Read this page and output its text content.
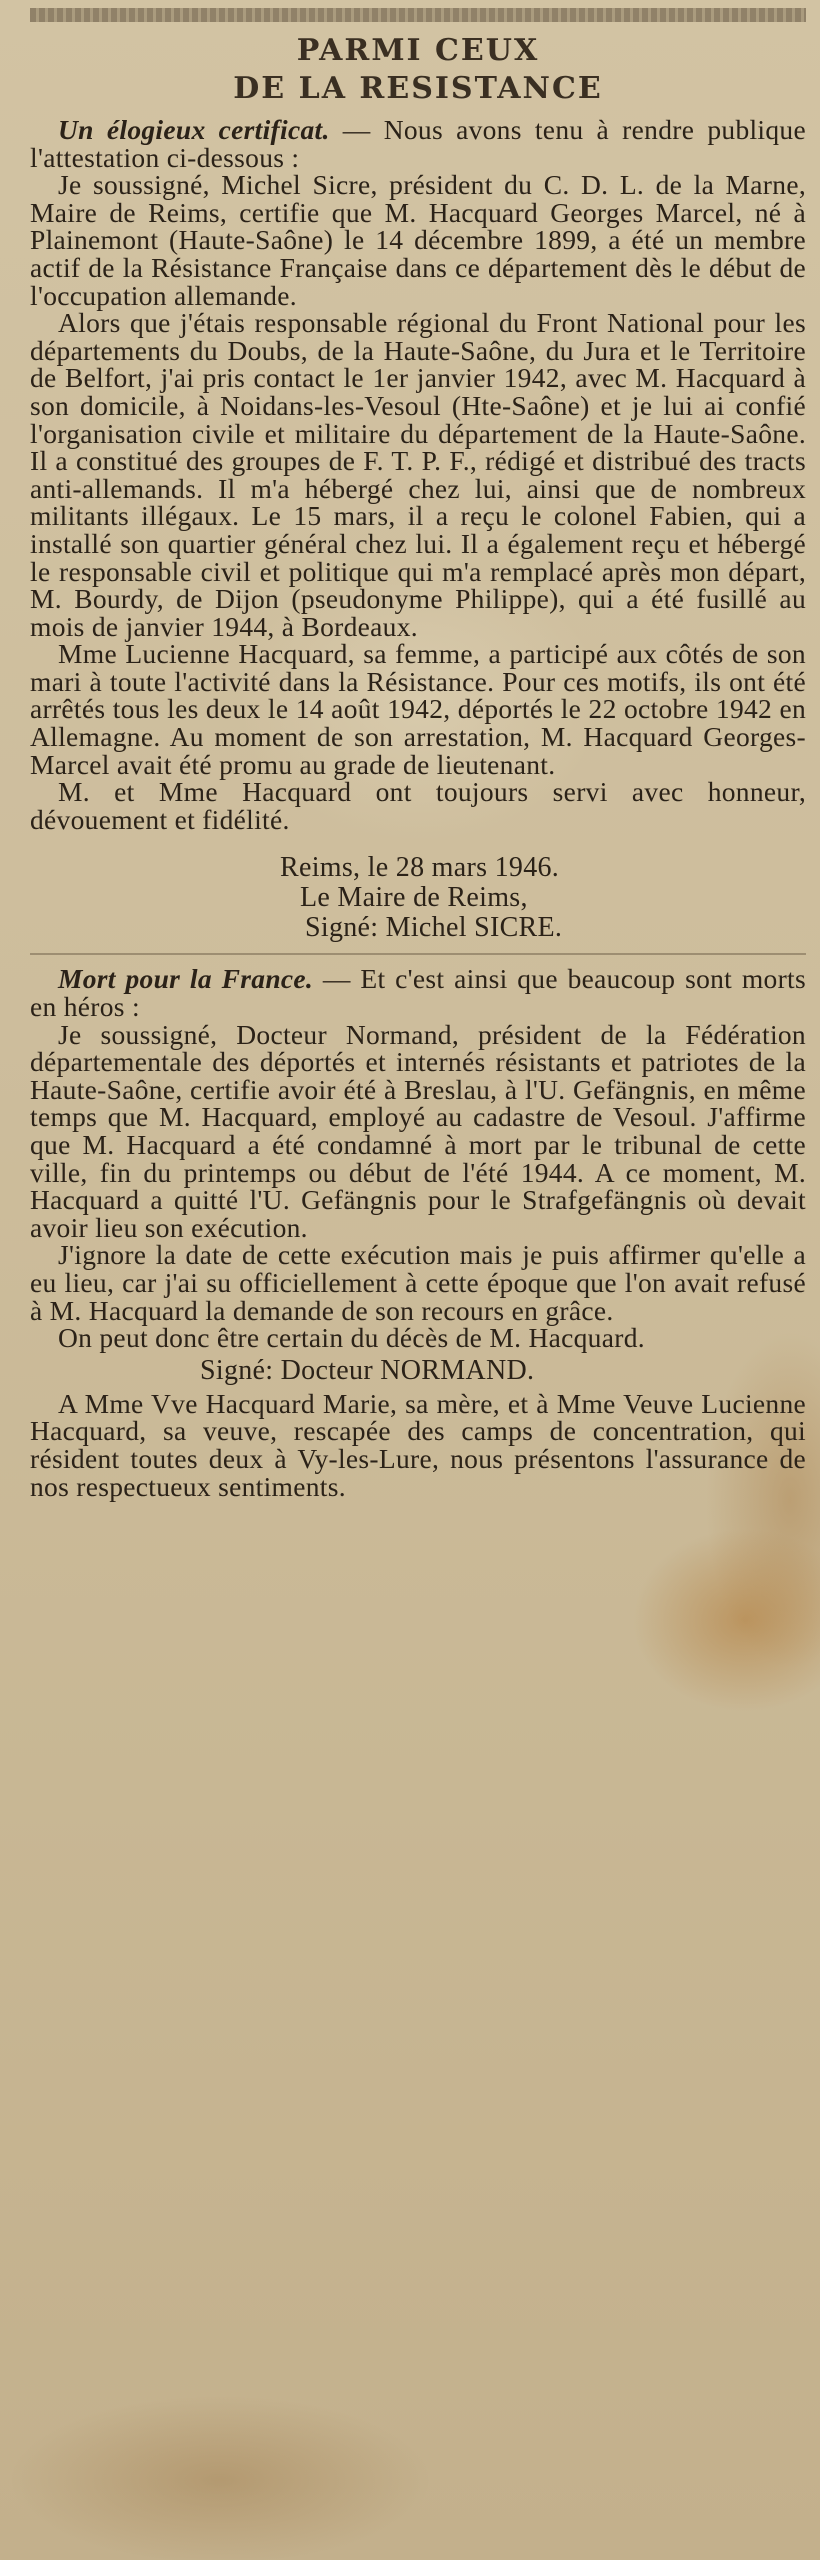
PARMI CEUX
DE LA RESISTANCE

Un élogieux certificat. — Nous avons tenu à rendre publique l'attestation ci-dessous :

Je soussigné, Michel Sicre, président du C. D. L. de la Marne, Maire de Reims, certifie que M. Hacquard Georges Marcel, né à Plainemont (Haute-Saône) le 14 décembre 1899, a été un membre actif de la Résistance Française dans ce département dès le début de l'occupation allemande.

Alors que j'étais responsable régional du Front National pour les départements du Doubs, de la Haute-Saône, du Jura et le Territoire de Belfort, j'ai pris contact le 1er janvier 1942, avec M. Hacquard à son domicile, à Noidans-les-Vesoul (Hte-Saône) et je lui ai confié l'organisation civile et militaire du département de la Haute-Saône. Il a constitué des groupes de F. T. P. F., rédigé et distribué des tracts anti-allemands. Il m'a hébergé chez lui, ainsi que de nombreux militants illégaux. Le 15 mars, il a reçu le colonel Fabien, qui a installé son quartier général chez lui. Il a également reçu et hébergé le responsable civil et politique qui m'a remplacé après mon départ, M. Bourdy, de Dijon (pseudonyme Philippe), qui a été fusillé au mois de janvier 1944, à Bordeaux.

Mme Lucienne Hacquard, sa femme, a participé aux côtés de son mari à toute l'activité dans la Résistance. Pour ces motifs, ils ont été arrêtés tous les deux le 14 août 1942, déportés le 22 octobre 1942 en Allemagne. Au moment de son arrestation, M. Hacquard Georges-Marcel avait été promu au grade de lieutenant.

M. et Mme Hacquard ont toujours servi avec honneur, dévouement et fidélité.

Reims, le 28 mars 1946.

Le Maire de Reims,

Signé: Michel SICRE.

Mort pour la France. — Et c'est ainsi que beaucoup sont morts en héros :

Je soussigné, Docteur Normand, président de la Fédération départementale des déportés et internés résistants et patriotes de la Haute-Saône, certifie avoir été à Breslau, à l'U. Gefängnis, en même temps que M. Hacquard, employé au cadastre de Vesoul. J'affirme que M. Hacquard a été condamné à mort par le tribunal de cette ville, fin du printemps ou début de l'été 1944. A ce moment, M. Hacquard a quitté l'U. Gefängnis pour le Strafgefängnis où devait avoir lieu son exécution.

J'ignore la date de cette exécution mais je puis affirmer qu'elle a eu lieu, car j'ai su officiellement à cette époque que l'on avait refusé à M. Hacquard la demande de son recours en grâce.

On peut donc être certain du décès de M. Hacquard.

Signé: Docteur NORMAND.

A Mme Vve Hacquard Marie, sa mère, et à Mme Veuve Lucienne Hacquard, sa veuve, rescapée des camps de concentration, qui résident toutes deux à Vy-les-Lure, nous présentons l'assurance de nos respectueux sentiments.
